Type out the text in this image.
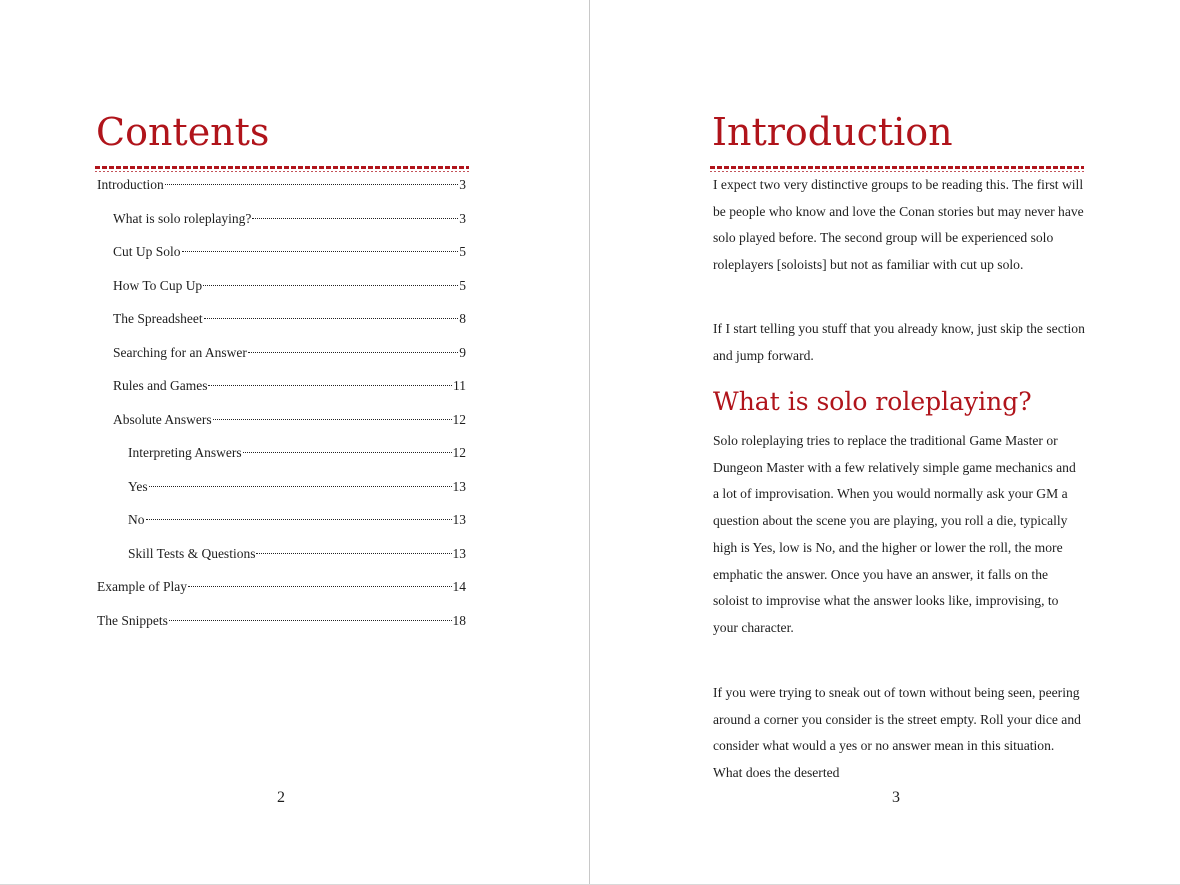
Contents
Introduction	3
What is solo roleplaying?	3
Cut Up Solo	5
How To Cup Up	5
The Spreadsheet	8
Searching for an Answer	9
Rules and Games	11
Absolute Answers	12
Interpreting Answers	12
Yes	13
No	13
Skill Tests & Questions	13
Example of Play	14
The Snippets	18
2
Introduction

I expect two very distinctive groups to be reading this. The first will be people who know and love the Conan stories but may never have solo played before. The second group will be experienced solo roleplayers [soloists] but not as familiar with cut up solo.

If I start telling you stuff that you already know, just skip the section and jump forward.

What is solo roleplaying?

Solo roleplaying tries to replace the traditional Game Master or Dungeon Master with a few relatively simple game mechanics and a lot of improvisation. When you would normally ask your GM a question about the scene you are playing, you roll a die, typically high is Yes, low is No, and the higher or lower the roll, the more emphatic the answer. Once you have an answer, it falls on the soloist to improvise what the answer looks like, improvising, to your character.

If you were trying to sneak out of town without being seen, peering around a corner you consider is the street empty. Roll your dice and consider what would a yes or no answer mean in this situation. What does the deserted

3
